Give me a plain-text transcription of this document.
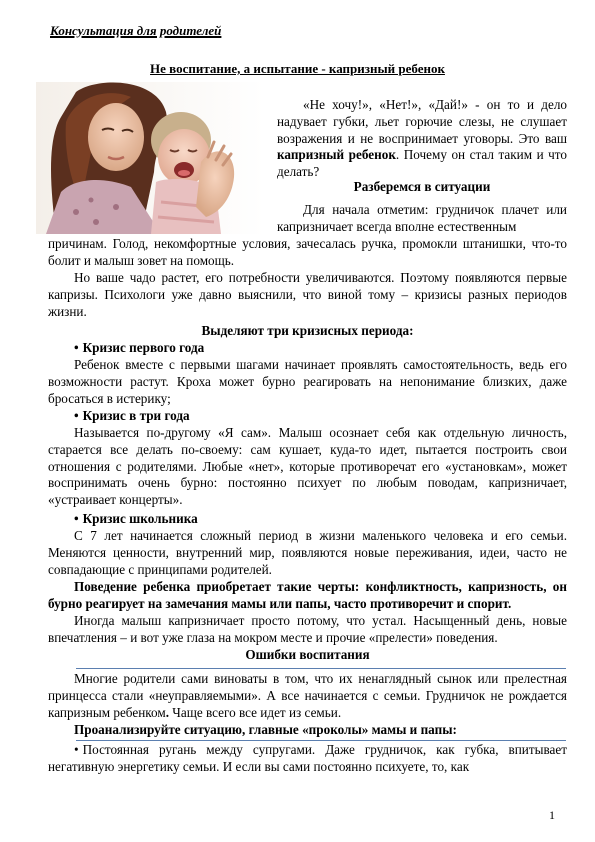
Консультация для родителей
Не воспитание, а испытание - капризный ребенок

«Не хочу!», «Нет!», «Дай!» - он то и дело надувает губки, льет горючие слезы, не слушает возражения и не воспринимает уговоры. Это ваш капризный ребенок. Почему он стал таким и что делать?

Разберемся в ситуации

Для начала отметим: грудничок плачет или капризничает всегда вполне естественным

причинам. Голод, некомфортные условия, зачесалась ручка, промокли штанишки, что-то болит и малыш зовет на помощь.

Но ваше чадо растет, его потребности увеличиваются. Поэтому появляются первые капризы. Психологи уже давно выяснили, что виной тому – кризисы разных периодов жизни.

Выделяют три кризисных периода:

• Кризис первого года

Ребенок вместе с первыми шагами начинает проявлять самостоятельность, ведь его возможности растут. Кроха может бурно реагировать на непонимание близких, даже бросаться в истерику;

• Кризис в три года

Называется по-другому «Я сам». Малыш осознает себя как отдельную личность, старается все делать по-своему: сам кушает, куда-то идет, пытается построить свои отношения с родителями. Любые «нет», которые противоречат его «установкам», может воспринимать очень бурно: постоянно психует по любым поводам, капризничает, «устраивает концерты».

• Кризис школьника

С 7 лет начинается сложный период в жизни маленького человека и его семьи. Меняются ценности, внутренний мир, появляются новые переживания, идеи, часто не совпадающие с принципами родителей.

Поведение ребенка приобретает такие черты: конфликтность, капризность, он бурно реагирует на замечания мамы или папы, часто противоречит и спорит.

Иногда малыш капризничает просто потому, что устал. Насыщенный день, новые впечатления – и вот уже глаза на мокром месте и прочие «прелести» поведения.

Ошибки воспитания

Многие родители сами виноваты в том, что их ненаглядный сынок или прелестная принцесса стали «неуправляемыми». А все начинается с семьи. Грудничок не рождается капризным ребенком. Чаще всего все идет из семьи.

Проанализируйте ситуацию, главные «проколы» мамы и папы:

• Постоянная ругань между супругами. Даже грудничок, как губка, впитывает негативную энергетику семьи. И если вы сами постоянно психуете, то, как

1
